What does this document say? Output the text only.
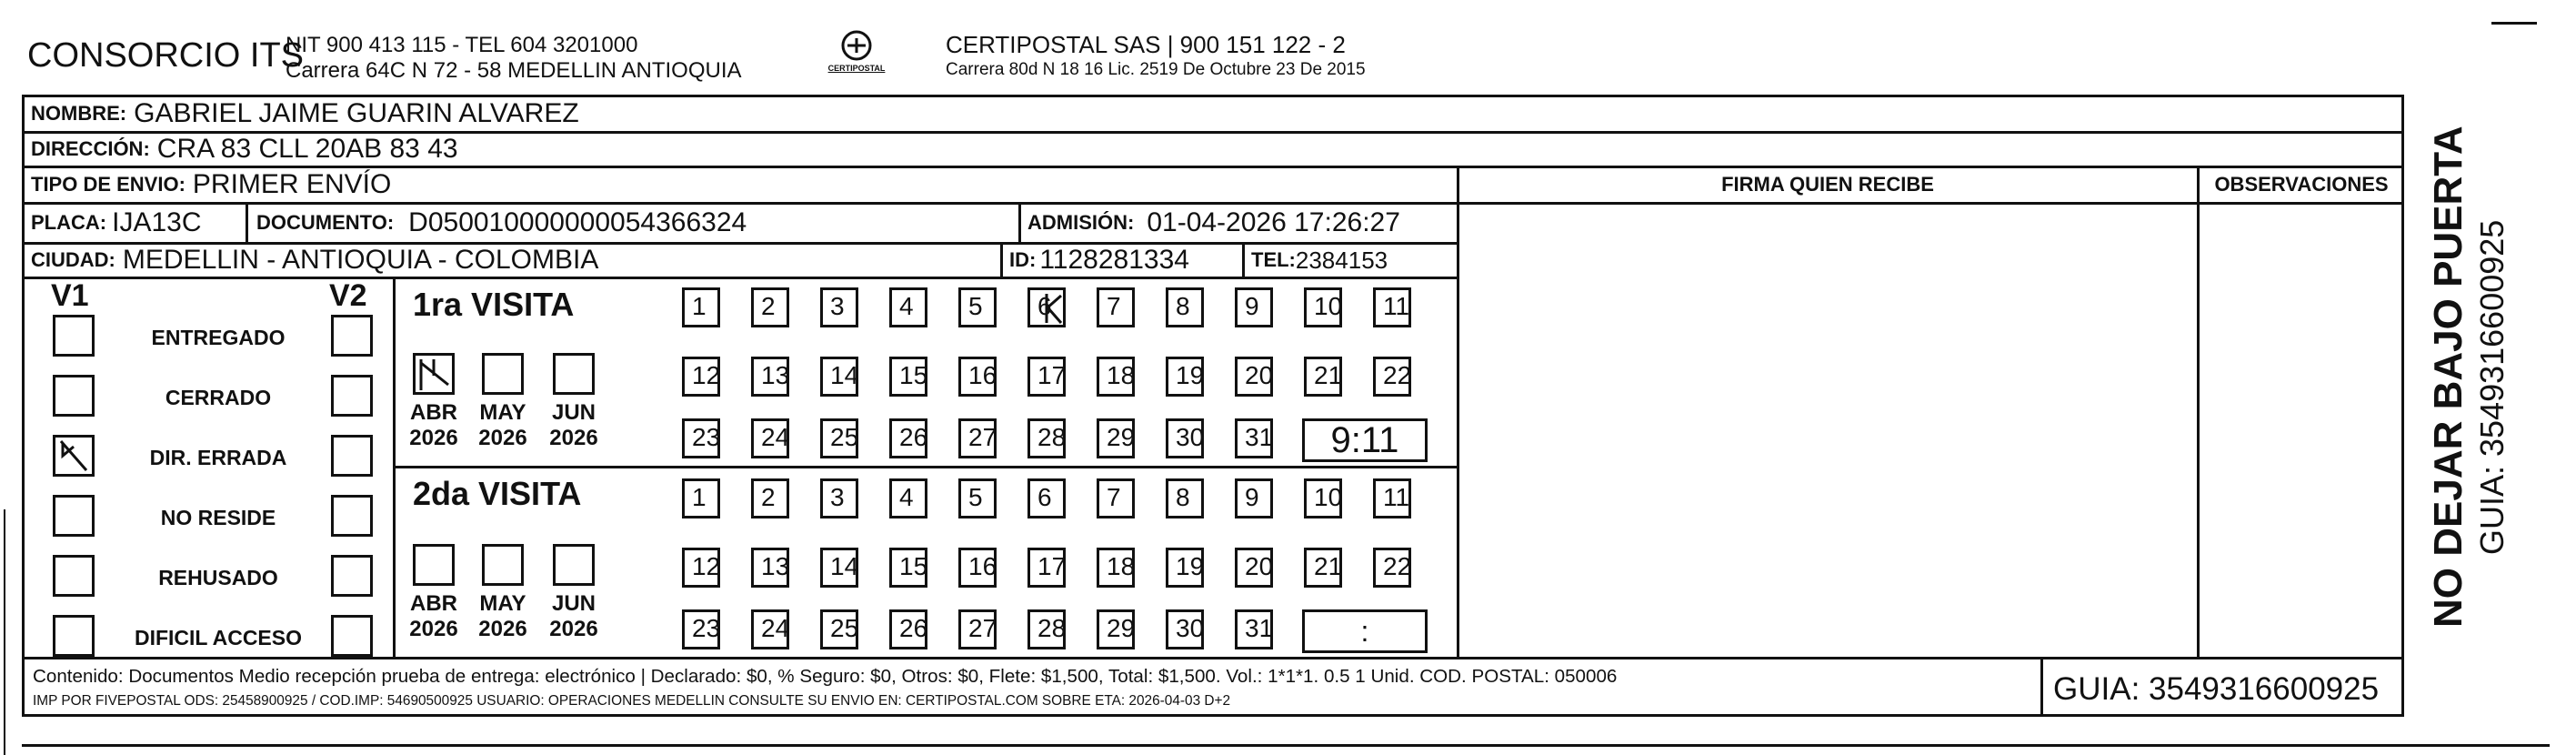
CONSORCIO ITS
NIT 900 413 115 - TEL 604 3201000
Carrera 64C N 72 - 58 MEDELLIN ANTIOQUIA	CERTIPOSTAL
CERTIPOSTAL SAS | 900 151 122 - 2
Carrera 80d N 18 16 Lic. 2519 De Octubre 23 De 2015
NOMBRE: GABRIEL JAIME GUARIN ALVAREZ
DIRECCIÓN: CRA 83 CLL 20AB 83 43
TIPO DE ENVIO: PRIMER ENVÍO	FIRMA QUIEN RECIBE	OBSERVACIONES
PLACA: IJA13C	DOCUMENTO: D050010000000054366324	ADMISIÓN: 01-04-2026 17:26:27
CIUDAD: MEDELLIN - ANTIOQUIA - COLOMBIA	ID: 1128281334	TEL: 2384153
V1	V2
ENTREGADO
CERRADO
DIR. ERRADA
NO RESIDE
REHUSADO
DIFICIL ACCESO
1ra VISITA
2da VISITA
1	2	3	4	5	6	7	8	9	10	11
12	13	14	15	16	17	18	19	20	21	22
23	24	25	26	27	28	29	30	31	9:11
ABR
2026
MAY
2026
JUN
2026
1	2	3	4	5	6	7	8	9	10	11
12	13	14	15	16	17	18	19	20	21	22
23	24	25	26	27	28	29	30	31	:
ABR
2026
MAY
2026
JUN
2026
Contenido: Documentos Medio recepción prueba de entrega: electrónico | Declarado: $0, % Seguro: $0, Otros: $0, Flete: $1,500, Total: $1,500. Vol.: 1*1*1. 0.5 1 Unid. COD. POSTAL: 050006
IMP POR FIVEPOSTAL ODS: 25458900925 / COD.IMP: 54690500925 USUARIO: OPERACIONES MEDELLIN CONSULTE SU ENVIO EN: CERTIPOSTAL.COM SOBRE ETA: 2026-04-03 D+2	GUIA: 3549316600925
NO DEJAR BAJO PUERTA GUIA: 3549316600925
